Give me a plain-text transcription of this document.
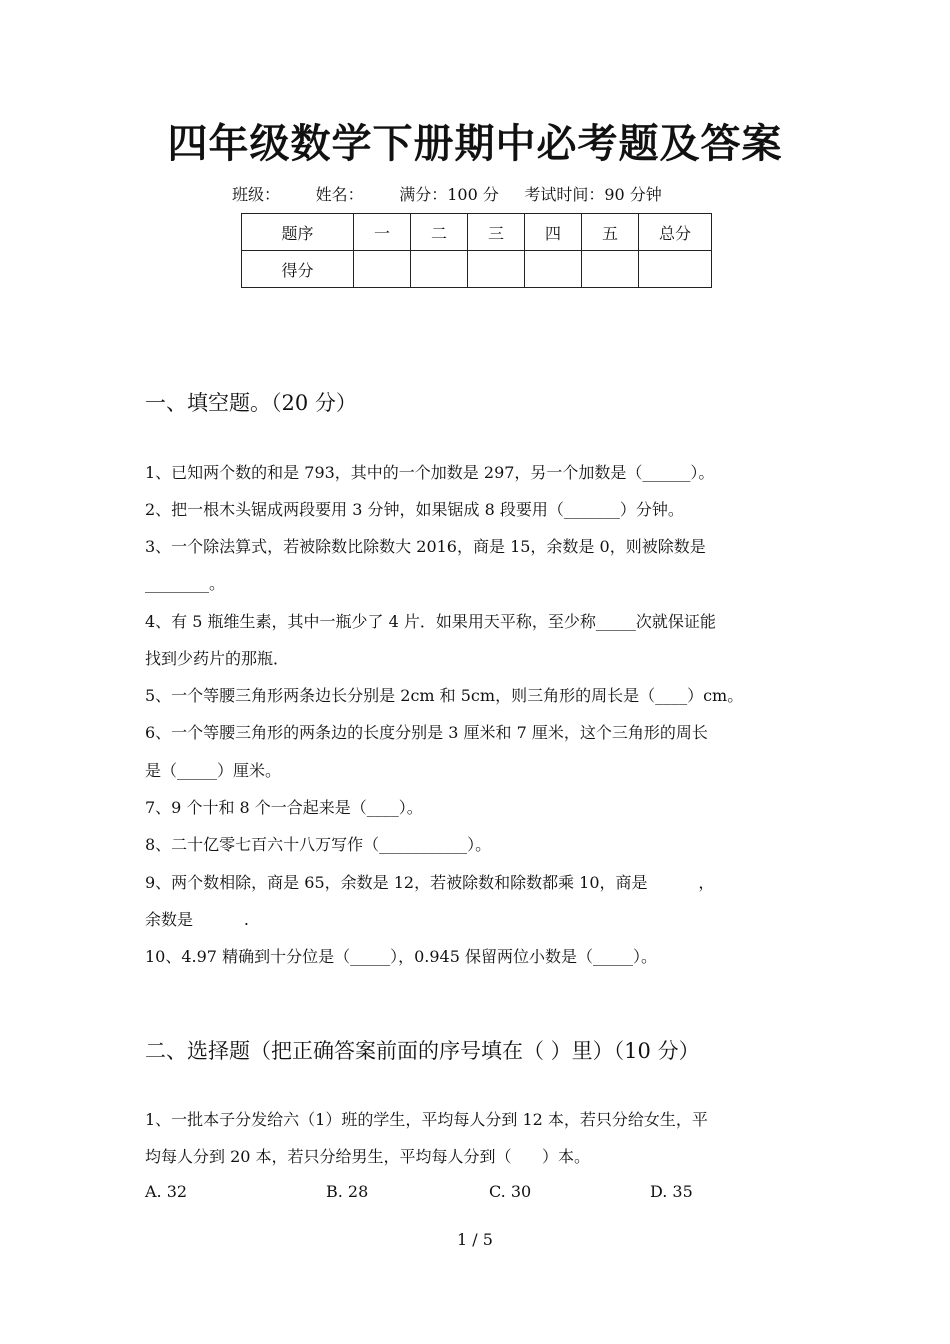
四年级数学下册期中必考题及答案
班级： 姓名： 满分：100 分 考试时间：90 分钟
题序	一	二	三	四	五	总分
得分						
一、填空题。（20 分）
1、已知两个数的和是 793，其中的一个加数是 297，另一个加数是（______）。
2、把一根木头锯成两段要用 3 分钟，如果锯成 8 段要用（_______）分钟。
3、一个除法算式，若被除数比除数大 2016，商是 15，余数是 0，则被除数是
________。
4、有 5 瓶维生素，其中一瓶少了 4 片．如果用天平称，至少称_____次就保证能
找到少药片的那瓶．
5、一个等腰三角形两条边长分别是 2cm 和 5cm，则三角形的周长是（____）cm。
6、一个等腰三角形的两条边的长度分别是 3 厘米和 7 厘米，这个三角形的周长
是（_____）厘米。
7、9 个十和 8 个一合起来是（____）。
8、二十亿零七百六十八万写作（___________）。
9、两个数相除，商是 65，余数是 12，若被除数和除数都乘 10，商是          ，
余数是          .
10、4.97 精确到十分位是（_____），0.945 保留两位小数是（_____）。
二、选择题（把正确答案前面的序号填在（ ）里）（10 分）
1、一批本子分发给六（1）班的学生，平均每人分到 12 本，若只分给女生，平
均每人分到 20 本，若只分给男生，平均每人分到（      ）本。
A. 32	B. 28	C. 30	D. 35
1 / 5
